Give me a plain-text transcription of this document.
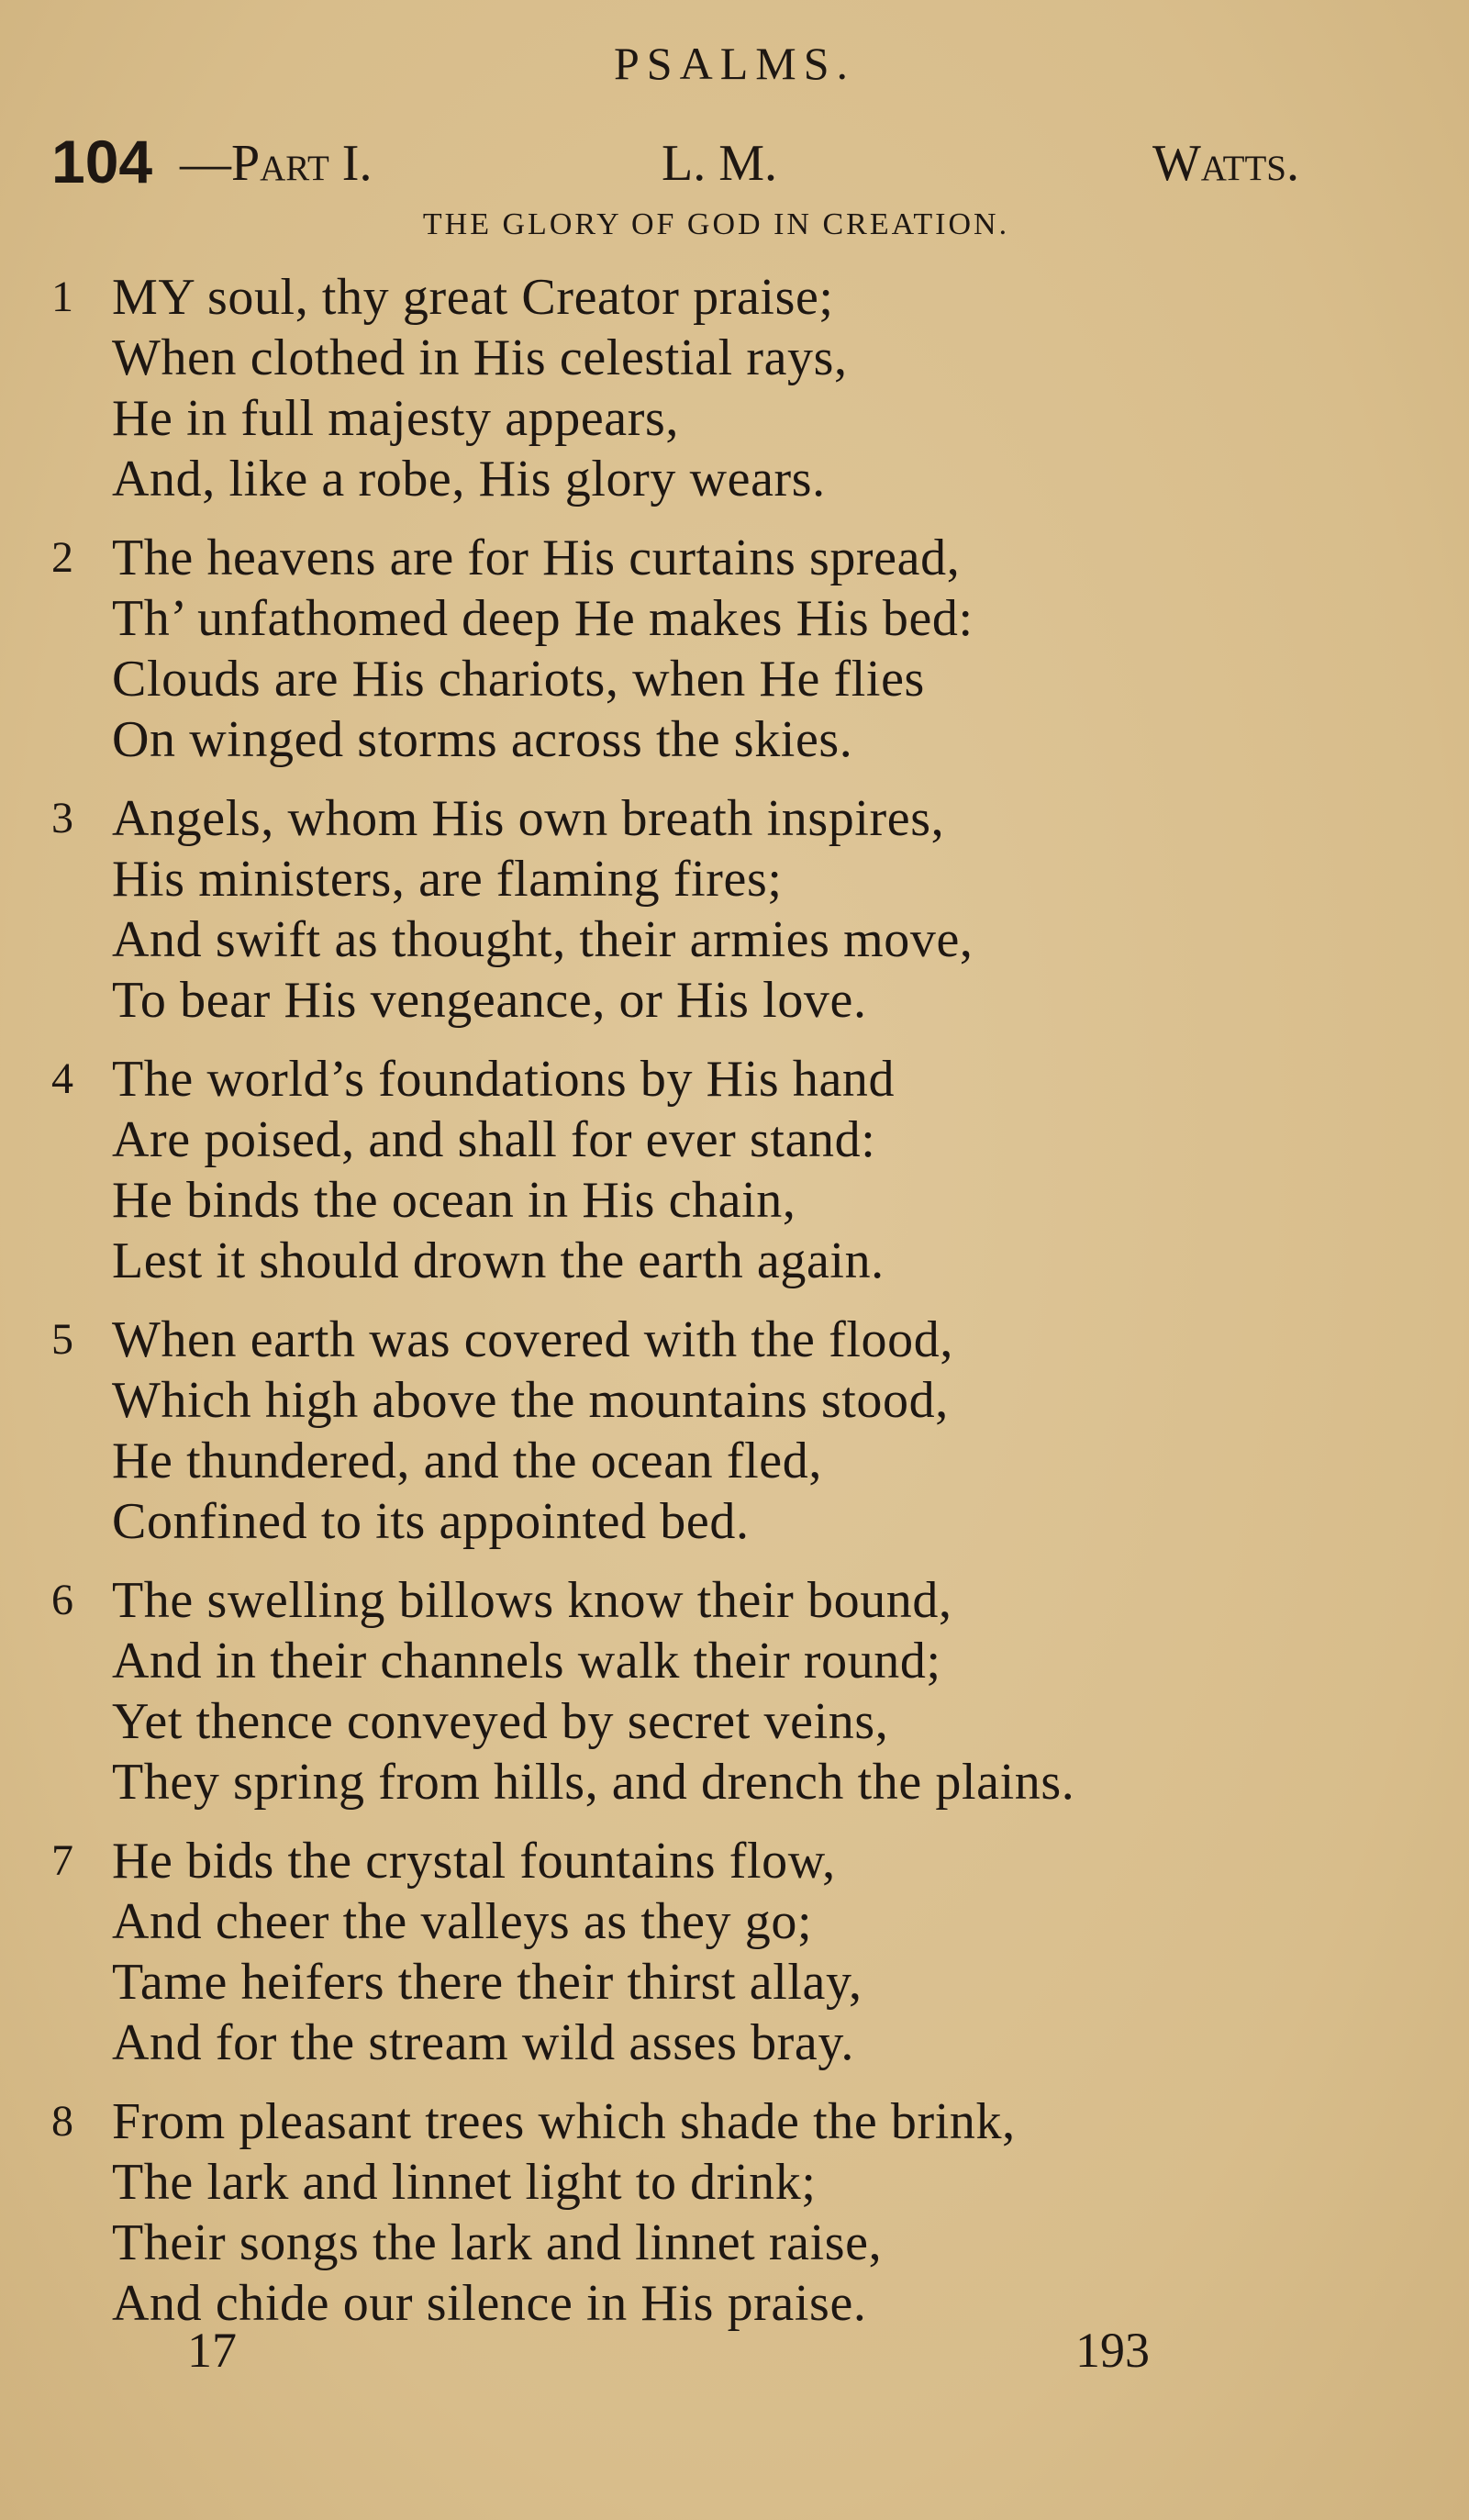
PSALMS.
104 —Part I.	L. M.	Watts.
THE GLORY OF GOD IN CREATION.
1 MY soul, thy great Creator praise;
When clothed in His celestial rays,
He in full majesty appears,
And, like a robe, His glory wears.
2 The heavens are for His curtains spread,
Th’ unfathomed deep He makes His bed:
Clouds are His chariots, when He flies
On winged storms across the skies.
3 Angels, whom His own breath inspires,
His ministers, are flaming fires;
And swift as thought, their armies move,
To bear His vengeance, or His love.
4 The world’s foundations by His hand
Are poised, and shall for ever stand:
He binds the ocean in His chain,
Lest it should drown the earth again.
5 When earth was covered with the flood,
Which high above the mountains stood,
He thundered, and the ocean fled,
Confined to its appointed bed.
6 The swelling billows know their bound,
And in their channels walk their round;
Yet thence conveyed by secret veins,
They spring from hills, and drench the plains.
7 He bids the crystal fountains flow,
And cheer the valleys as they go;
Tame heifers there their thirst allay,
And for the stream wild asses bray.
8 From pleasant trees which shade the brink,
The lark and linnet light to drink;
Their songs the lark and linnet raise,
And chide our silence in His praise.
17	193
